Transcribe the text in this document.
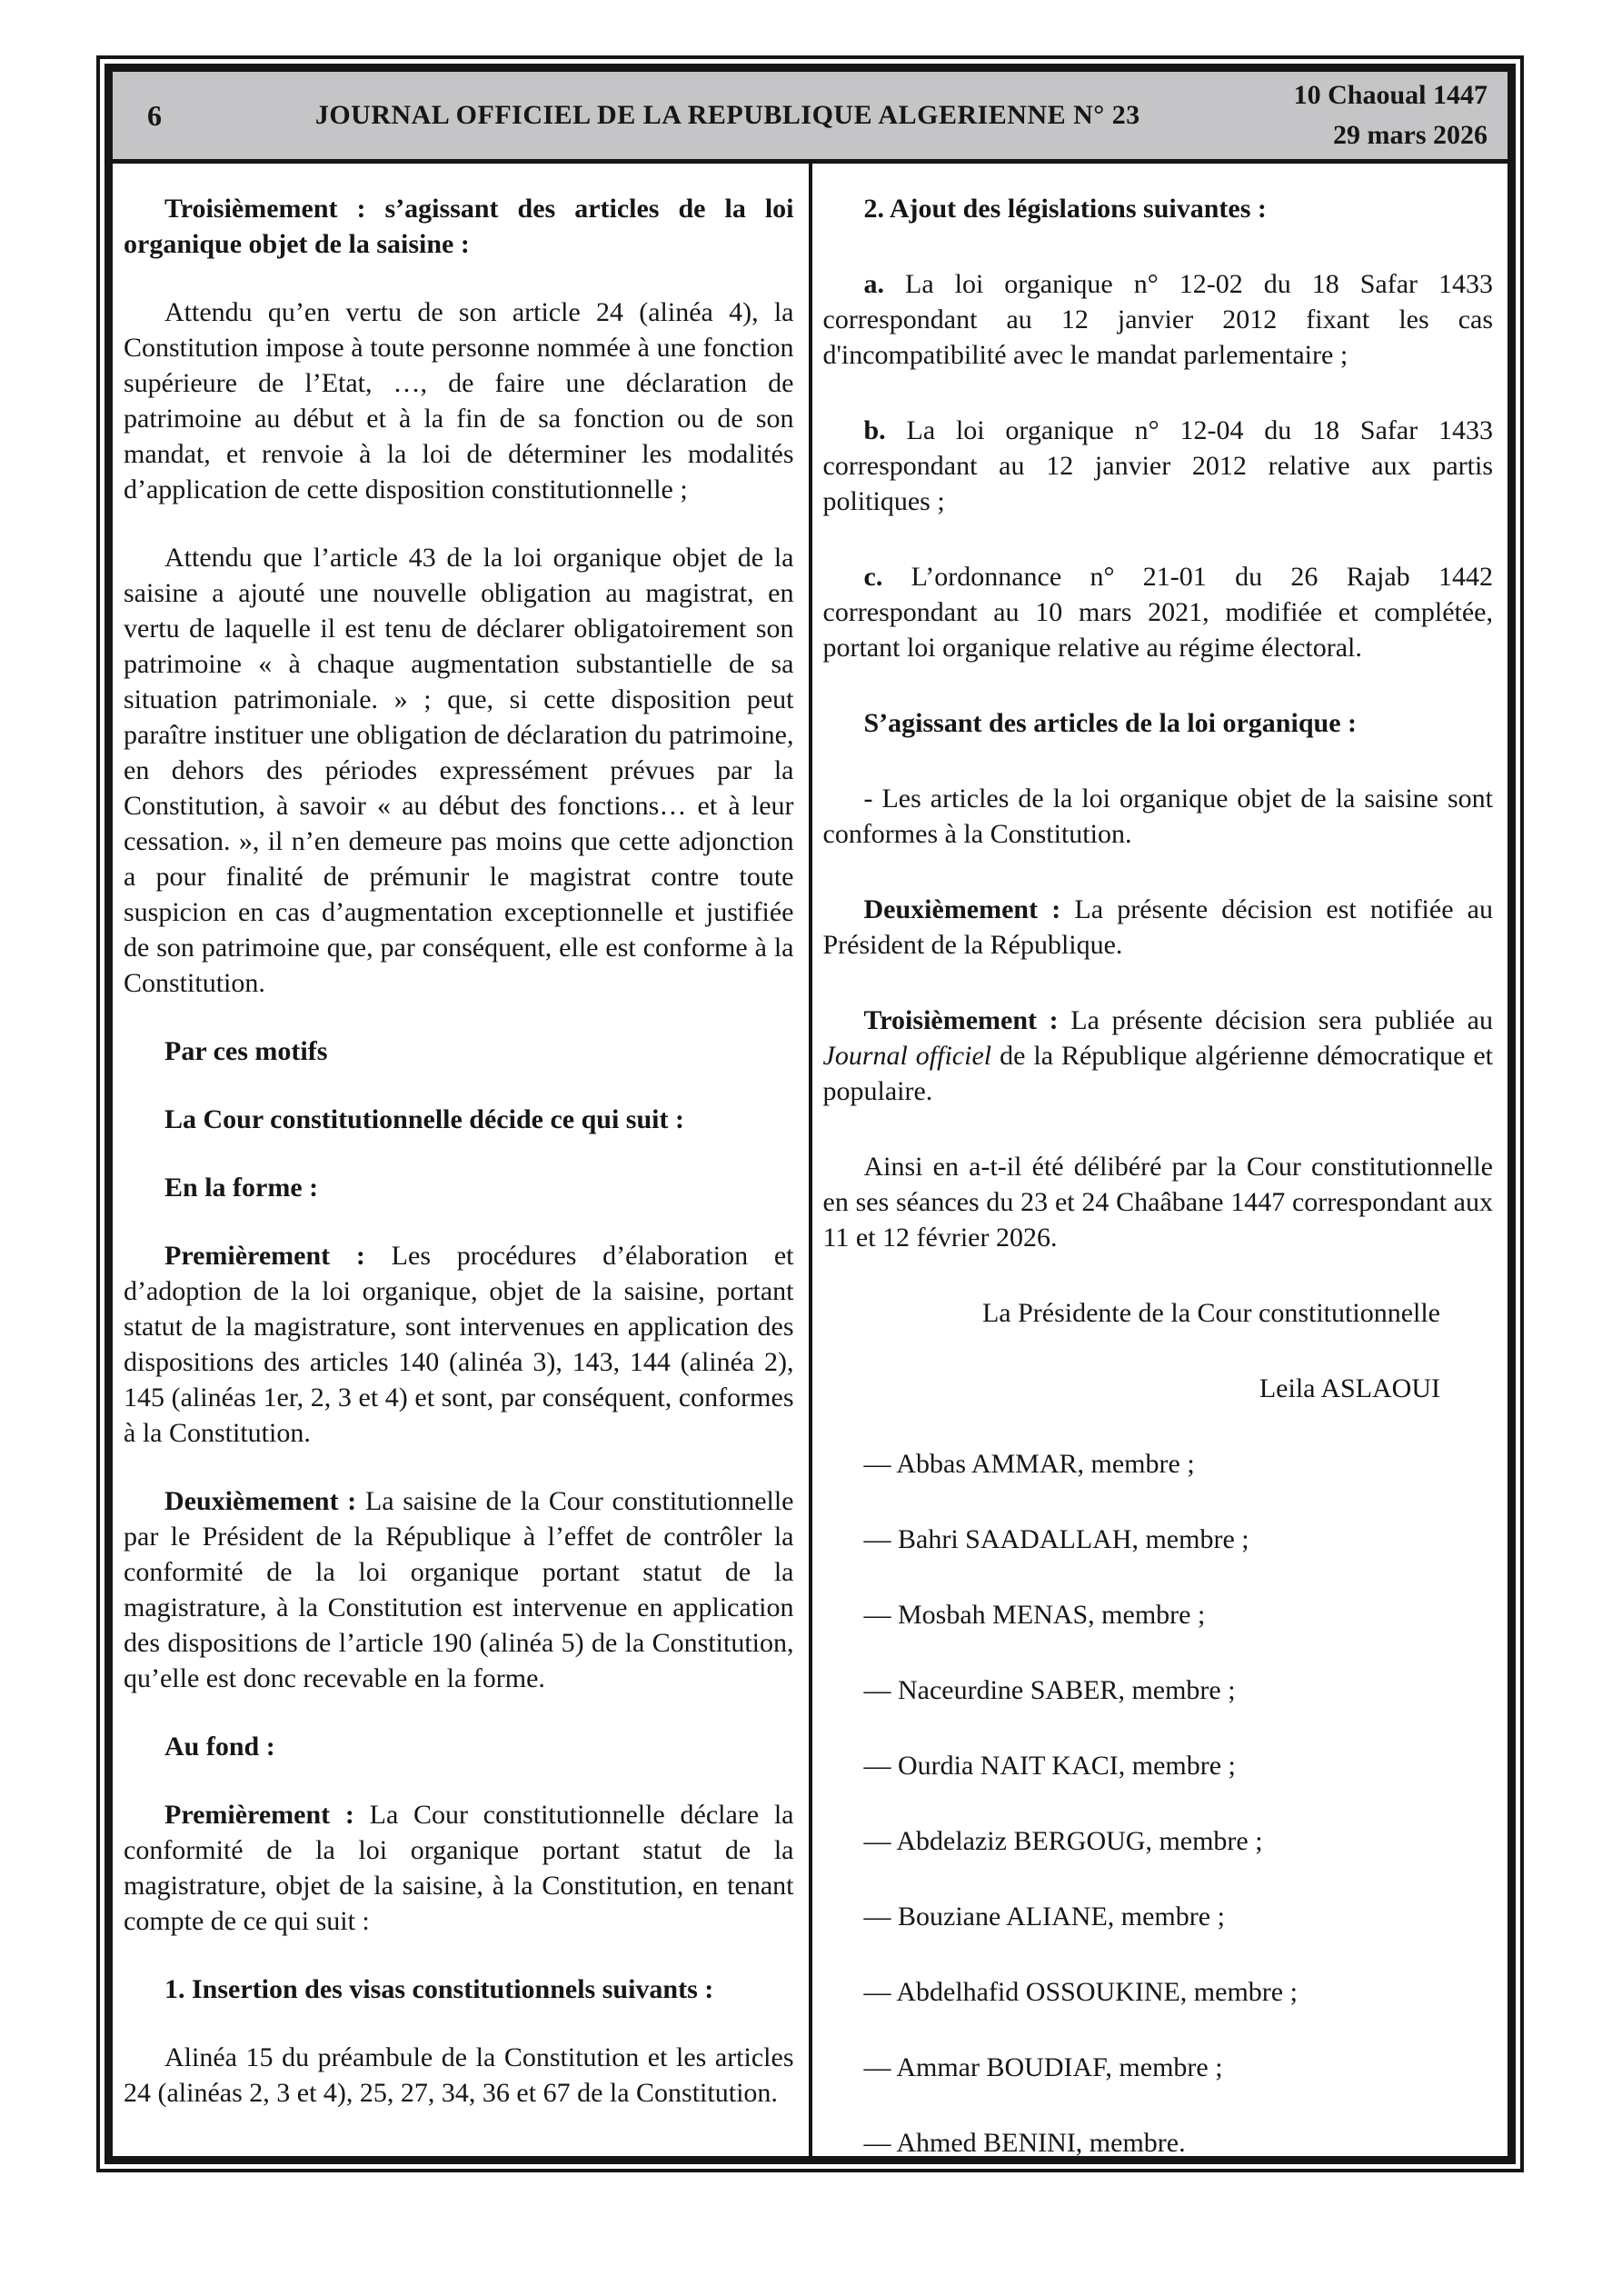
6	JOURNAL OFFICIEL DE LA REPUBLIQUE ALGERIENNE N° 23
10 Chaoual 1447
29 mars 2026

Troisièmement : s’agissant des articles de la loi organique objet de la saisine :

Attendu qu’en vertu de son article 24 (alinéa 4), la Constitution impose à toute personne nommée à une fonction supérieure de l’Etat, …, de faire une déclaration de patrimoine au début et à la fin de sa fonction ou de son mandat, et renvoie à la loi de déterminer les modalités d’application de cette disposition constitutionnelle ;

Attendu que l’article 43 de la loi organique objet de la saisine a ajouté une nouvelle obligation au magistrat, en vertu de laquelle il est tenu de déclarer obligatoirement son patrimoine « à chaque augmentation substantielle de sa situation patrimoniale. » ; que, si cette disposition peut paraître instituer une obligation de déclaration du patrimoine, en dehors des périodes expressément prévues par la Constitution, à savoir « au début des fonctions… et à leur cessation. », il n’en demeure pas moins que cette adjonction a pour finalité de prémunir le magistrat contre toute suspicion en cas d’augmentation exceptionnelle et justifiée de son patrimoine que, par conséquent, elle est conforme à la Constitution.

Par ces motifs

La Cour constitutionnelle décide ce qui suit :

En la forme :

Premièrement : Les procédures d’élaboration et d’adoption de la loi organique, objet de la saisine, portant statut de la magistrature, sont intervenues en application des dispositions des articles 140 (alinéa 3), 143, 144 (alinéa 2), 145 (alinéas 1er, 2, 3 et 4) et sont, par conséquent, conformes à la Constitution.

Deuxièmement : La saisine de la Cour constitutionnelle par le Président de la République à l’effet de contrôler la conformité de la loi organique portant statut de la magistrature, à la Constitution est intervenue en application des dispositions de l’article 190 (alinéa 5) de la Constitution, qu’elle est donc recevable en la forme.

Au fond :

Premièrement : La Cour constitutionnelle déclare la conformité de la loi organique portant statut de la magistrature, objet de la saisine, à la Constitution, en tenant compte de ce qui suit :

1. Insertion des visas constitutionnels suivants :

Alinéa 15 du préambule de la Constitution et les articles 24 (alinéas 2, 3 et 4), 25, 27, 34, 36 et 67 de la Constitution.

2. Ajout des législations suivantes :

a. La loi organique n° 12-02 du 18 Safar 1433 correspondant au 12 janvier 2012 fixant les cas d'incompatibilité avec le mandat parlementaire ;

b. La loi organique n° 12-04 du 18 Safar 1433 correspondant au 12 janvier 2012 relative aux partis politiques ;

c. L’ordonnance n° 21-01 du 26 Rajab 1442 correspondant au 10 mars 2021, modifiée et complétée, portant loi organique relative au régime électoral.

S’agissant des articles de la loi organique :

- Les articles de la loi organique objet de la saisine sont conformes à la Constitution.

Deuxièmement : La présente décision est notifiée au Président de la République.

Troisièmement : La présente décision sera publiée au Journal officiel de la République algérienne démocratique et populaire.

Ainsi en a-t-il été délibéré par la Cour constitutionnelle en ses séances du 23 et 24 Chaâbane 1447 correspondant aux 11 et 12 février 2026.

La Présidente de la Cour constitutionnelle

Leila ASLAOUI

— Abbas AMMAR, membre ;

— Bahri SAADALLAH, membre ;

— Mosbah MENAS, membre ;

— Naceurdine SABER, membre ;

— Ourdia NAIT KACI, membre ;

— Abdelaziz BERGOUG, membre ;

— Bouziane ALIANE, membre ;

— Abdelhafid OSSOUKINE, membre ;

— Ammar BOUDIAF, membre ;

— Ahmed BENINI, membre.
